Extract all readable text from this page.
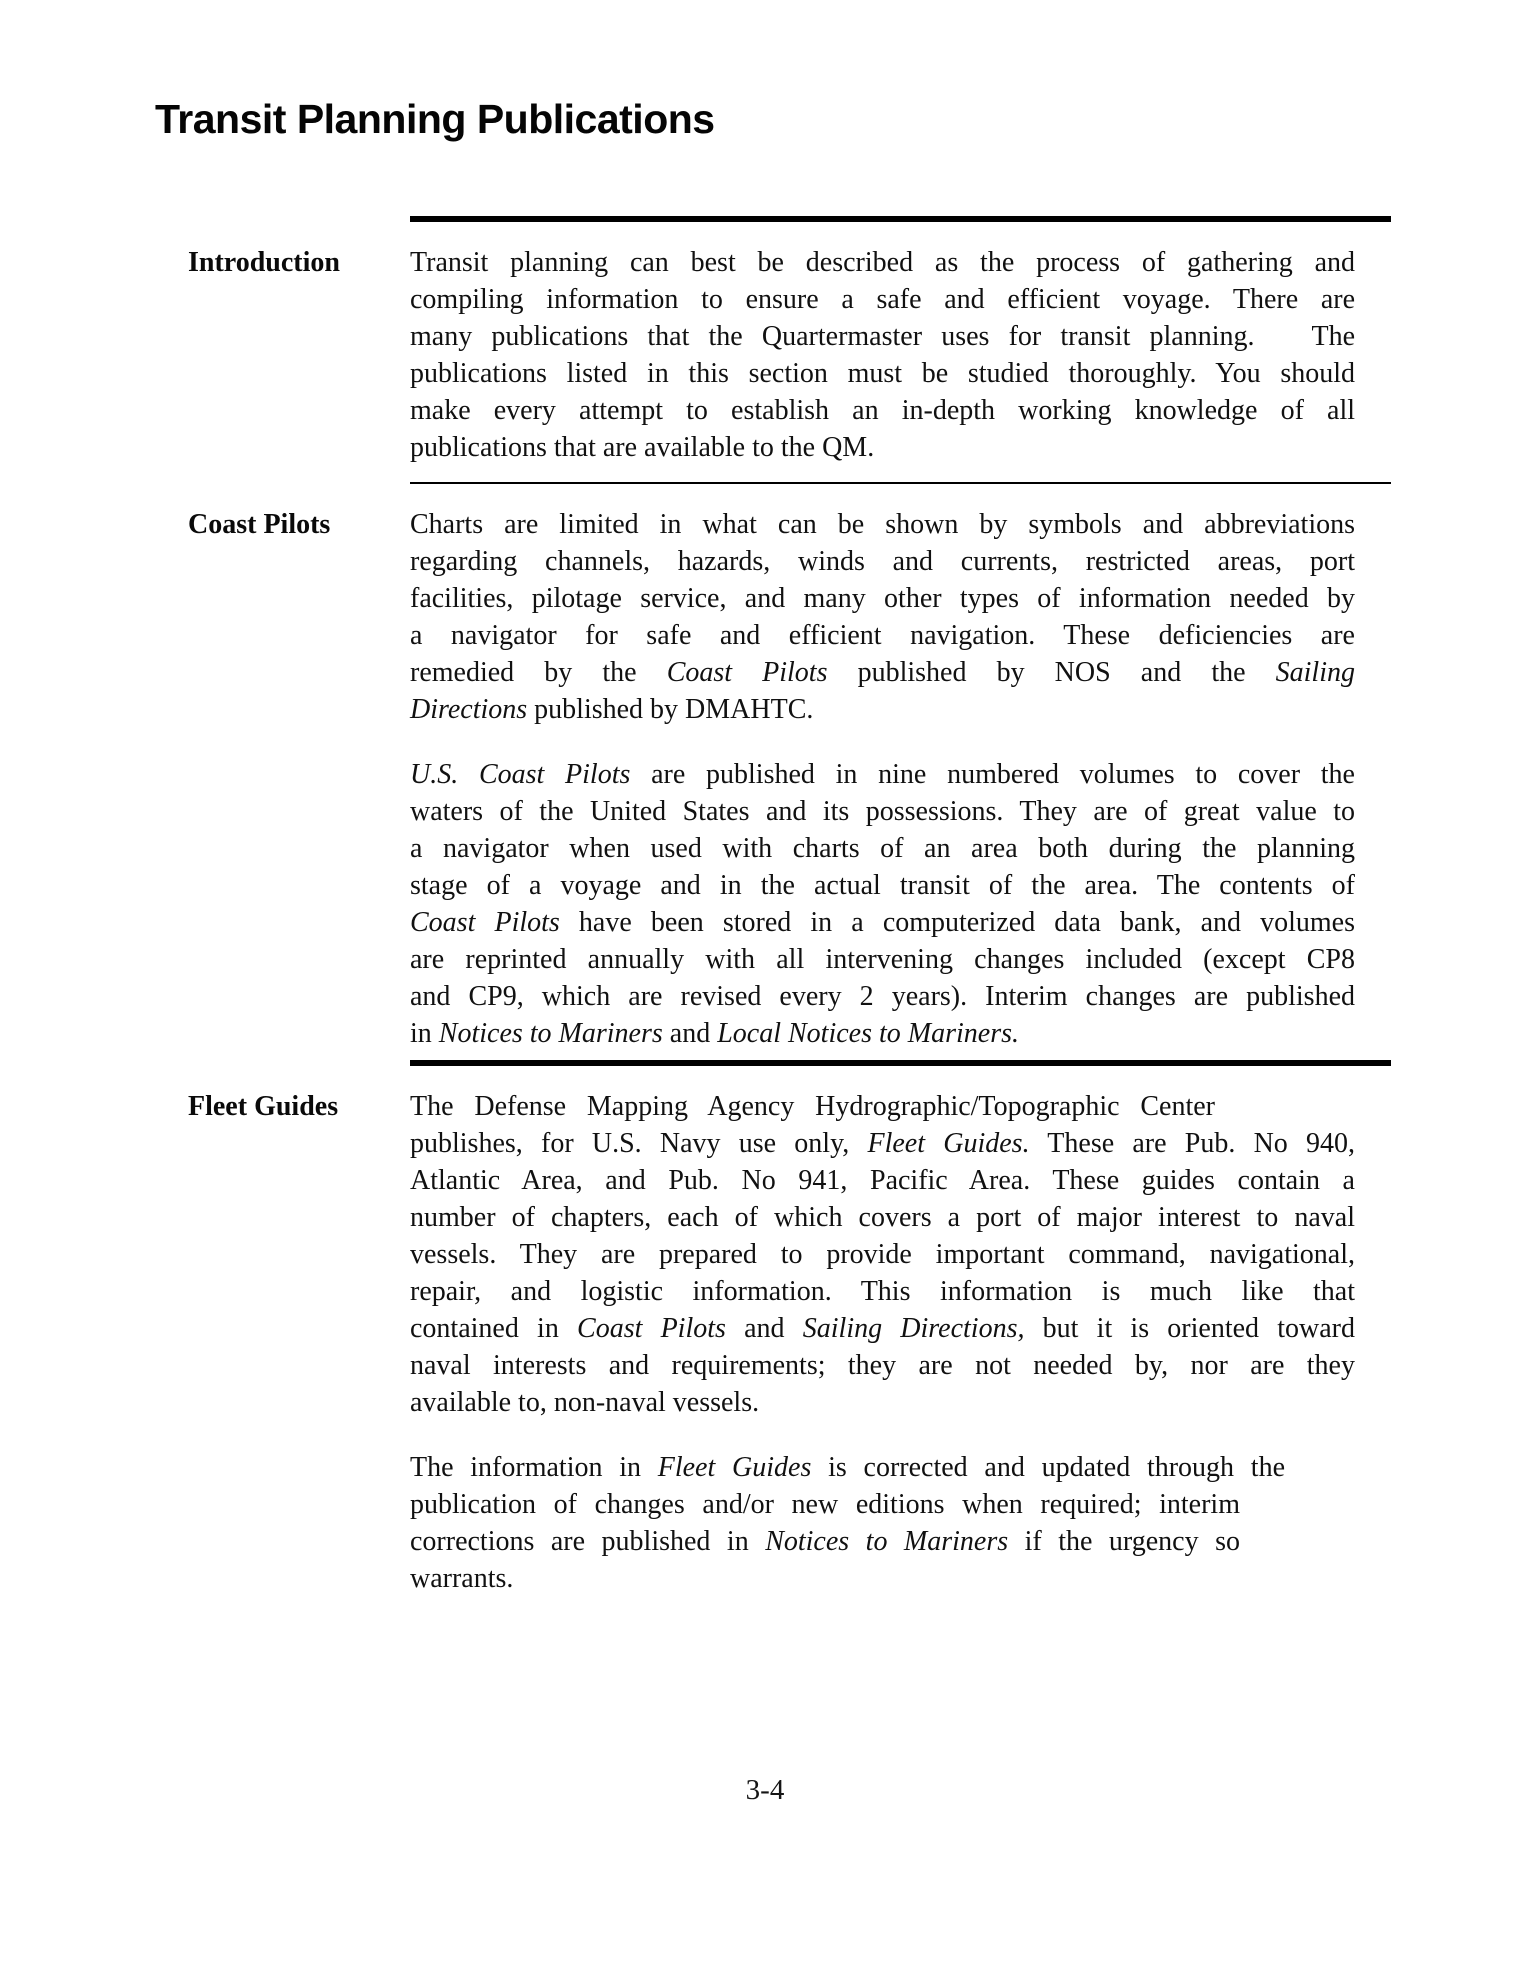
Transit Planning Publications
Introduction	Transit planning can best be described as the process of gathering and
compiling information to ensure a safe and efficient voyage. There are
many publications that the Quartermaster uses for transit planning.   The
publications listed in this section must be studied thoroughly. You should
make every attempt to establish an in-depth working knowledge of all
publications that are available to the QM.
Coast Pilots	Charts are limited in what can be shown by symbols and abbreviations
regarding channels, hazards, winds and currents, restricted areas, port
facilities, pilotage service, and many other types of information needed by
a navigator for safe and efficient navigation. These deficiencies are
remedied by the Coast Pilots published by NOS and the Sailing
Directions published by DMAHTC.
U.S. Coast Pilots are published in nine numbered volumes to cover the
waters of the United States and its possessions. They are of great value to
a navigator when used with charts of an area both during the planning
stage of a voyage and in the actual transit of the area. The contents of
Coast Pilots have been stored in a computerized data bank, and volumes
are reprinted annually with all intervening changes included (except CP8
and CP9, which are revised every 2 years). Interim changes are published
in Notices to Mariners and Local Notices to Mariners.
Fleet Guides	The Defense Mapping Agency Hydrographic/Topographic Center
publishes, for U.S. Navy use only, Fleet Guides. These are Pub. No 940,
Atlantic Area, and Pub. No 941, Pacific Area. These guides contain a
number of chapters, each of which covers a port of major interest to naval
vessels. They are prepared to provide important command, navigational,
repair, and logistic information. This information is much like that
contained in Coast Pilots and Sailing Directions, but it is oriented toward
naval interests and requirements; they are not needed by, nor are they
available to, non-naval vessels.
The information in Fleet Guides is corrected and updated through the
publication of changes and/or new editions when required; interim
corrections are published in Notices to Mariners if the urgency so
warrants.
3-4
